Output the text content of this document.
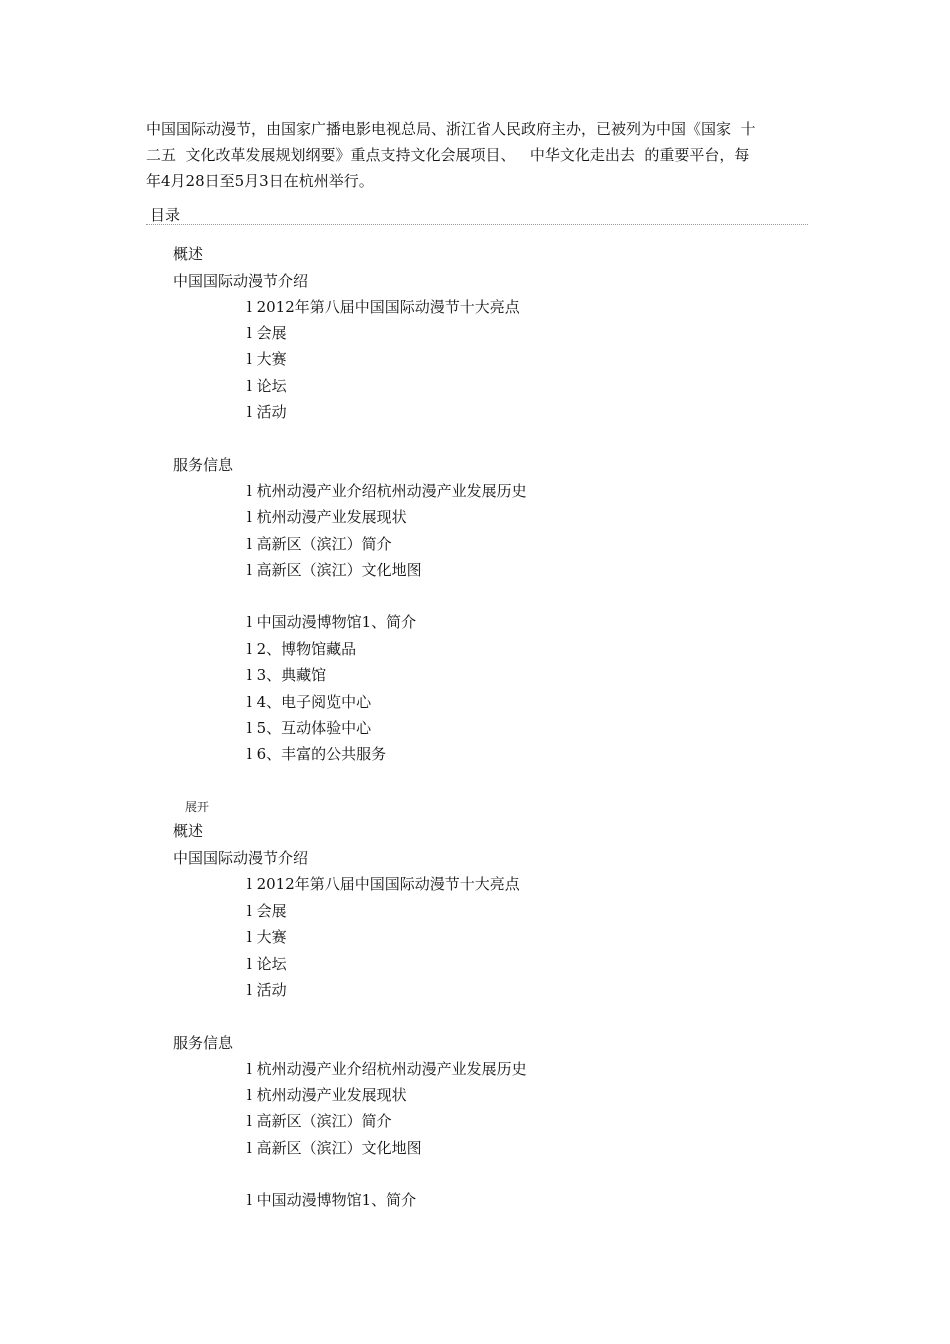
中国国际动漫节，由国家广播电影电视总局、浙江省人民政府主办，已被列为中国《国家  十

二五  文化改革发展规划纲要》重点支持文化会展项目、   中华文化走出去  的重要平台，每

年4月28日至5月3日在杭州举行。

目录
概述
中国国际动漫节介绍
l 2012年第八届中国国际动漫节十大亮点
l 会展
l 大赛
l 论坛
l 活动
服务信息
l 杭州动漫产业介绍杭州动漫产业发展历史
l 杭州动漫产业发展现状
l 高新区（滨江）简介
l 高新区（滨江）文化地图
l 中国动漫博物馆1、简介
l 2、博物馆藏品
l 3、典藏馆
l 4、电子阅览中心
l 5、互动体验中心
l 6、丰富的公共服务
展开
概述
中国国际动漫节介绍
l 2012年第八届中国国际动漫节十大亮点
l 会展
l 大赛
l 论坛
l 活动
服务信息
l 杭州动漫产业介绍杭州动漫产业发展历史
l 杭州动漫产业发展现状
l 高新区（滨江）简介
l 高新区（滨江）文化地图
l 中国动漫博物馆1、简介
